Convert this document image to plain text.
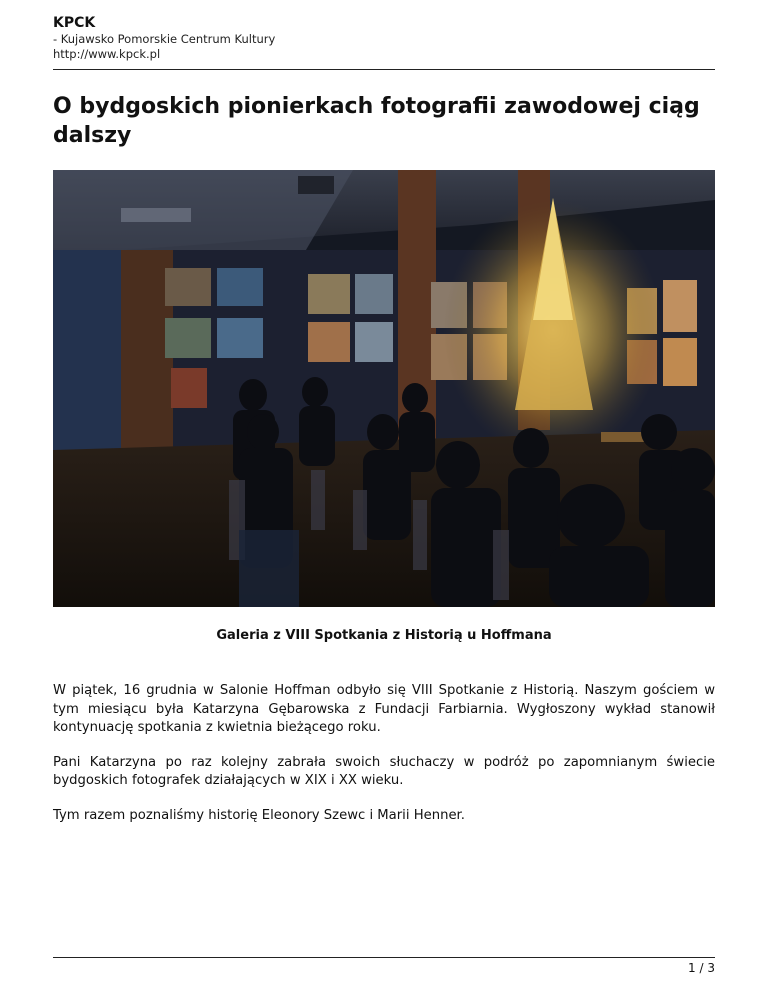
KPCK
- Kujawsko Pomorskie Centrum Kultury
http://www.kpck.pl
O bydgoskich pionierkach fotografii zawodowej ciąg dalszy
Galeria z VIII Spotkania z Historią u Hoffmana

W piątek, 16 grudnia w Salonie Hoffman odbyło się VIII Spotkanie z Historią. Naszym gościem w tym miesiącu była Katarzyna Gębarowska z Fundacji Farbiarnia. Wygłoszony wykład stanowił kontynuację spotkania z kwietnia bieżącego roku.

Pani Katarzyna po raz kolejny zabrała swoich słuchaczy w podróż po zapomnianym świecie bydgoskich fotografek działających w XIX i XX wieku.

Tym razem poznaliśmy historię Eleonory Szewc i Marii Henner.

1 / 3
